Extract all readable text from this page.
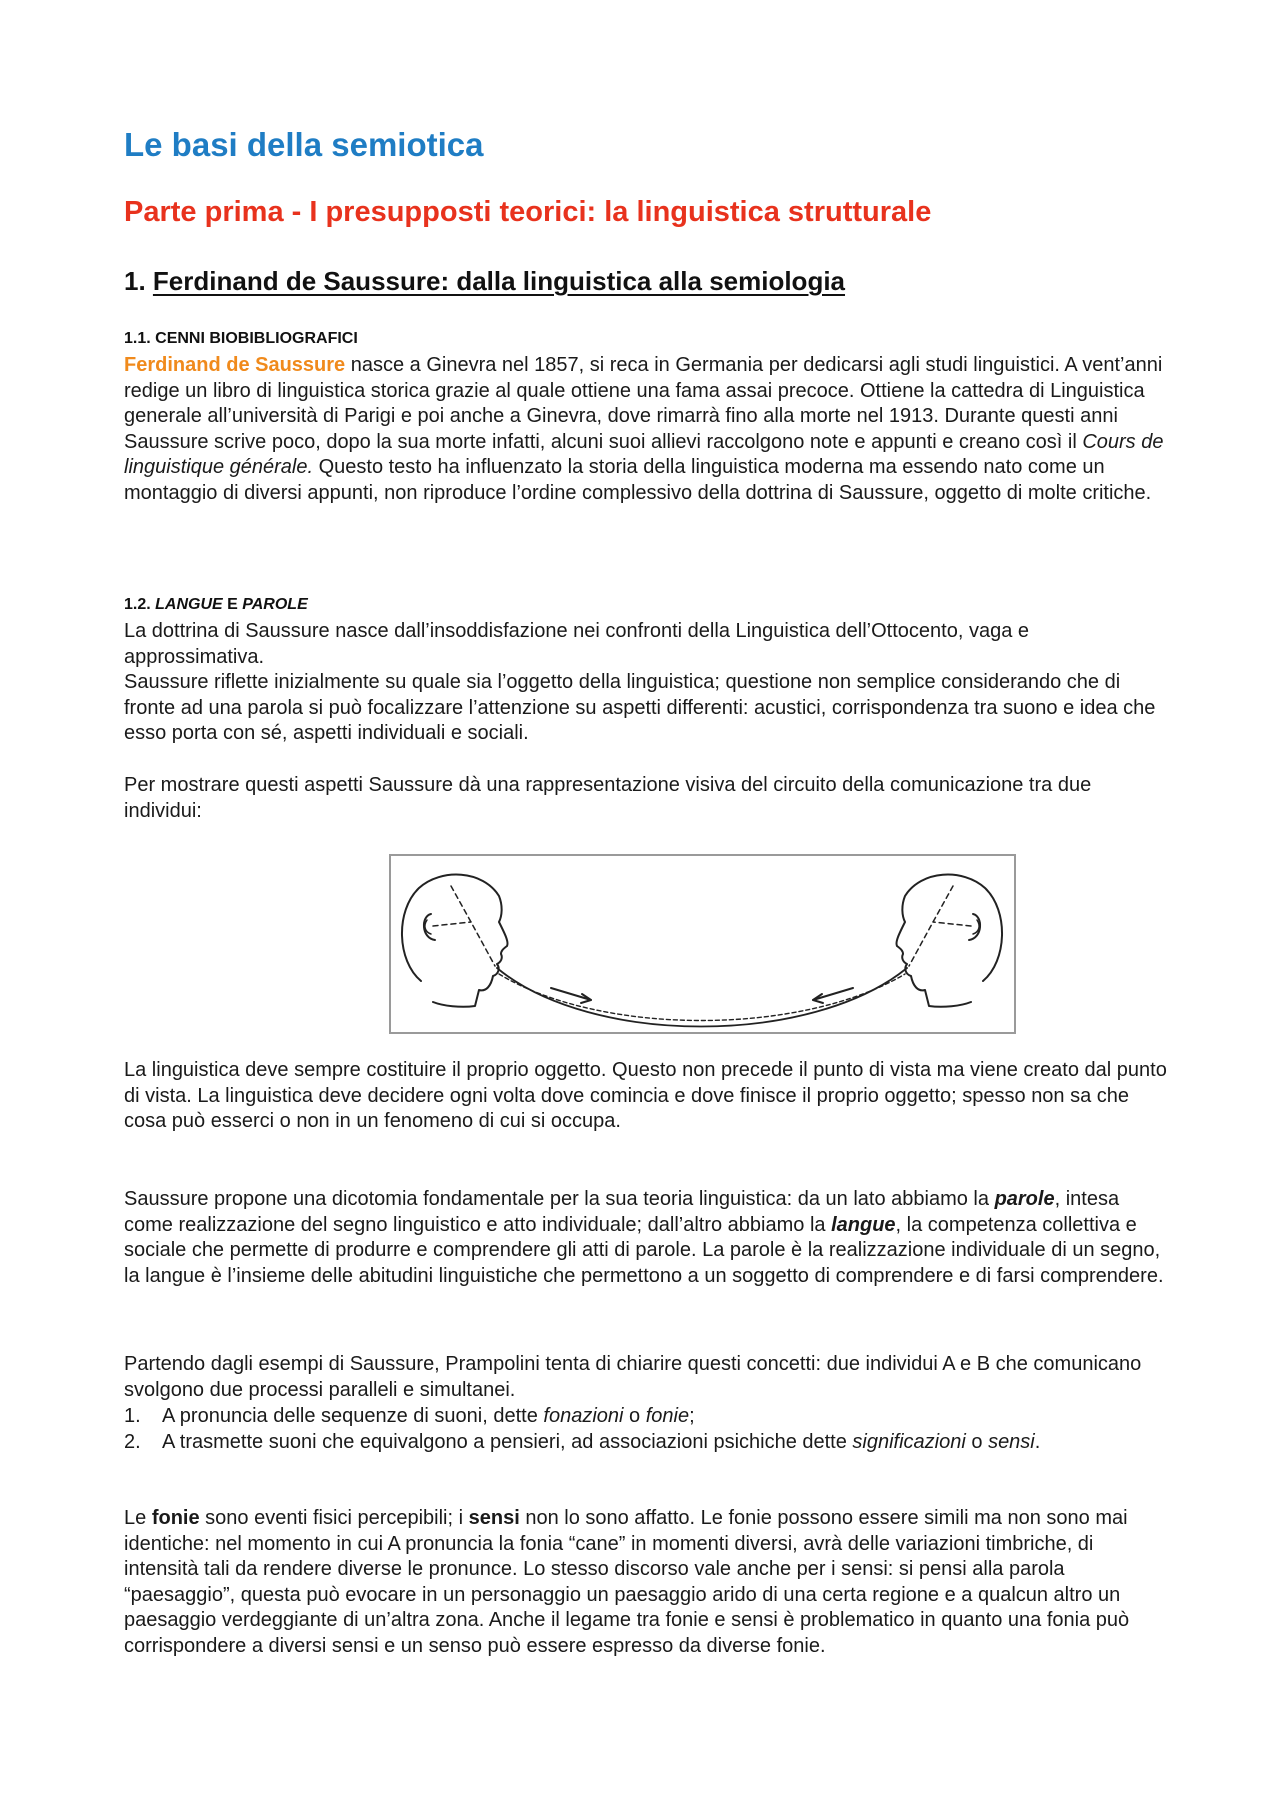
Le basi della semiotica
Parte prima - I presupposti teorici: la linguistica strutturale
1. Ferdinand de Saussure: dalla linguistica alla semiologia
1.1. CENNI BIOBIBLIOGRAFICI

Ferdinand de Saussure nasce a Ginevra nel 1857, si reca in Germania per dedicarsi agli studi linguistici. A vent’anni redige un libro di linguistica storica grazie al quale ottiene una fama assai precoce. Ottiene la cattedra di Linguistica generale all’università di Parigi e poi anche a Ginevra, dove rimarrà fino alla morte nel 1913. Durante questi anni Saussure scrive poco, dopo la sua morte infatti, alcuni suoi allievi raccolgono note e appunti e creano così il Cours de linguistique générale. Questo testo ha influenzato la storia della linguistica moderna ma essendo nato come un montaggio di diversi appunti, non riproduce l’ordine complessivo della dottrina di Saussure, oggetto di molte critiche.

1.2. LANGUE E PAROLE

La dottrina di Saussure nasce dall’insoddisfazione nei confronti della Linguistica dell’Ottocento, vaga e approssimativa.

Saussure riflette inizialmente su quale sia l’oggetto della linguistica; questione non semplice considerando che di fronte ad una parola si può focalizzare l’attenzione su aspetti differenti: acustici, corrispondenza tra suono e idea che esso porta con sé, aspetti individuali e sociali.

Per mostrare questi aspetti Saussure dà una rappresentazione visiva del circuito della comunicazione tra due individui:

La linguistica deve sempre costituire il proprio oggetto. Questo non precede il punto di vista ma viene creato dal punto di vista. La linguistica deve decidere ogni volta dove comincia e dove finisce il proprio oggetto; spesso non sa che cosa può esserci o non in un fenomeno di cui si occupa.

Saussure propone una dicotomia fondamentale per la sua teoria linguistica: da un lato abbiamo la parole, intesa come realizzazione del segno linguistico e atto individuale; dall’altro abbiamo la langue, la competenza collettiva e sociale che permette di produrre e comprendere gli atti di parole. La parole è la realizzazione individuale di un segno, la langue è l’insieme delle abitudini linguistiche che permettono a un soggetto di comprendere e di farsi comprendere.

Partendo dagli esempi di Saussure, Prampolini tenta di chiarire questi concetti: due individui A e B che comunicano svolgono due processi paralleli e simultanei.

1. A pronuncia delle sequenze di suoni, dette fonazioni o fonie;
2. A trasmette suoni che equivalgono a pensieri, ad associazioni psichiche dette significazioni o sensi.

Le fonie sono eventi fisici percepibili; i sensi non lo sono affatto. Le fonie possono essere simili ma non sono mai identiche: nel momento in cui A pronuncia la fonia “cane” in momenti diversi, avrà delle variazioni timbriche, di intensità tali da rendere diverse le pronunce. Lo stesso discorso vale anche per i sensi: si pensi alla parola “paesaggio”, questa può evocare in un personaggio un paesaggio arido di una certa regione e a qualcun altro un paesaggio verdeggiante di un’altra zona. Anche il legame tra fonie e sensi è problematico in quanto una fonia può corrispondere a diversi sensi e un senso può essere espresso da diverse fonie.
